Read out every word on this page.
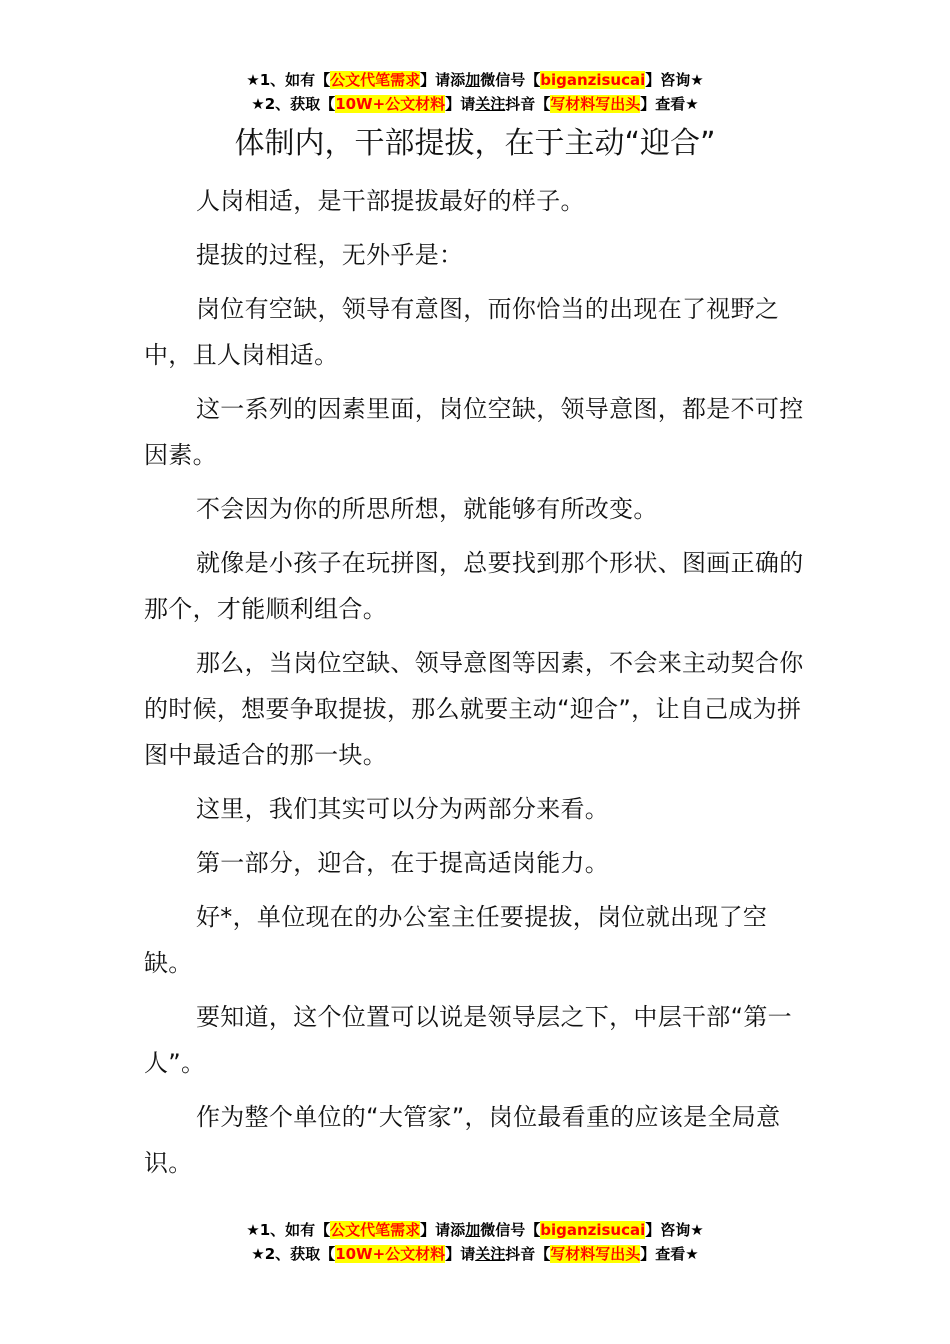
★1、如有【公文代笔需求】请添加微信号【biganzisucai】咨询★
★2、获取【10W+公文材料】请关注抖音【写材料写出头】查看★
体制内，干部提拔，在于主动“迎合”

人岗相适，是干部提拔最好的样子。

提拔的过程，无外乎是：

岗位有空缺，领导有意图，而你恰当的出现在了视野之中，且人岗相适。

这一系列的因素里面，岗位空缺，领导意图，都是不可控因素。

不会因为你的所思所想，就能够有所改变。

就像是小孩子在玩拼图，总要找到那个形状、图画正确的那个，才能顺利组合。

那么，当岗位空缺、领导意图等因素，不会来主动契合你的时候，想要争取提拔，那么就要主动“迎合”，让自己成为拼图中最适合的那一块。

这里，我们其实可以分为两部分来看。

第一部分，迎合，在于提高适岗能力。

好*，单位现在的办公室主任要提拔，岗位就出现了空缺。

要知道，这个位置可以说是领导层之下，中层干部“第一人”。

作为整个单位的“大管家”，岗位最看重的应该是全局意识。

★1、如有【公文代笔需求】请添加微信号【biganzisucai】咨询★
★2、获取【10W+公文材料】请关注抖音【写材料写出头】查看★
